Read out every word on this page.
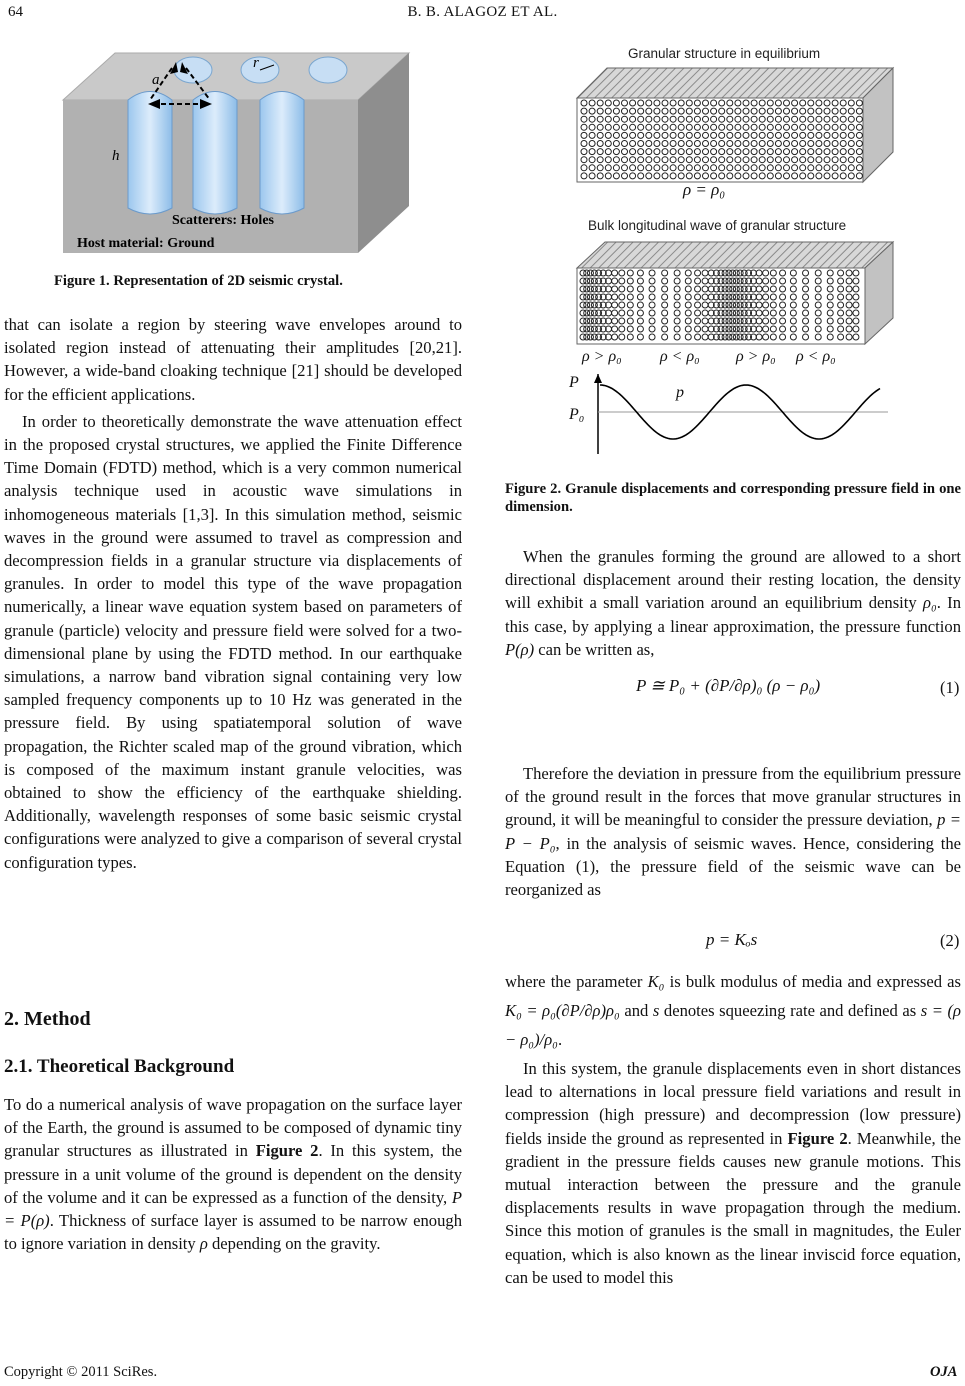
64	B. B. ALAGOZ ET AL.
a
r
h
Scatterers: Holes
Host material: Ground
Figure 1. Representation of 2D seismic crystal.

that can isolate a region by steering wave envelopes around to isolated region instead of attenuating their amplitudes [20,21]. However, a wide-band cloaking technique [21] should be developed for the efficient applications.

In order to theoretically demonstrate the wave attenuation effect in the proposed crystal structures, we applied the Finite Difference Time Domain (FDTD) method, which is a very common numerical analysis technique used in acoustic wave simulations in inhomogeneous materials [1,3]. In this simulation method, seismic waves in the ground were assumed to travel as compression and decompression fields in a granular structure via displacements of granules. In order to model this type of the wave propagation numerically, a linear wave equation system based on parameters of granule (particle) velocity and pressure field were solved for a two-dimensional plane by using the FDTD method. In our earthquake simulations, a narrow band vibration signal containing very low sampled frequency components up to 10 Hz was generated in the pressure field. By using spatiatemporal solution of wave propagation, the Richter scaled map of the ground vibration, which is composed of the maximum instant granule velocities, was obtained to show the efficiency of the earthquake shielding. Additionally, wavelength responses of some basic seismic crystal configurations were analyzed to give a comparison of several crystal configuration types.

2. Method
2.1. Theoretical Background

To do a numerical analysis of wave propagation on the surface layer of the Earth, the ground is assumed to be composed of dynamic tiny granular structures as illustrated in Figure 2. In this system, the pressure in a unit volume of the ground is dependent on the density of the volume and it can be expressed as a function of the density, P = P(ρ). Thickness of surface layer is assumed to be narrow enough to ignore variation in density ρ depending on the gravity.

Granular structure in equilibrium
ρ = ρ₀
Bulk longitudinal wave of granular structure
ρ > ρ₀ ρ < ρ₀ ρ > ρ₀ ρ < ρ₀
P
p
P₀
Figure 2. Granule displacements and corresponding pressure field in one dimension.

When the granules forming the ground are allowed to a short directional displacement around their resting location, the density will exhibit a small variation around an equilibrium density ρ₀. In this case, by applying a linear approximation, the pressure function P(ρ) can be written as,

P ≅ P₀ + (∂P/∂ρ)₀ (ρ − ρ₀)	(1)

Therefore the deviation in pressure from the equilibrium pressure of the ground result in the forces that move granular structures in ground, it will be meaningful to consider the pressure deviation, p = P − P₀, in the analysis of seismic waves. Hence, considering the Equation (1), the pressure field of the seismic wave can be reorganized as

p = Kₒs	(2)

where the parameter K₀ is bulk modulus of media and expressed as K₀ = ρ₀(∂P/∂ρ)ρ₀ and s denotes squeezing rate and defined as s = (ρ − ρ₀)/ρ₀.

In this system, the granule displacements even in short distances lead to alternations in local pressure field variations and result in compression (high pressure) and decompression (low pressure) fields inside the ground as represented in Figure 2. Meanwhile, the gradient in the pressure fields causes new granule motions. This mutual interaction between the pressure and the granule displacements results in wave propagation through the medium. Since this motion of granules is the small in magnitudes, the Euler equation, which is also known as the linear inviscid force equation, can be used to model this

Copyright © 2011 SciRes.	OJA
